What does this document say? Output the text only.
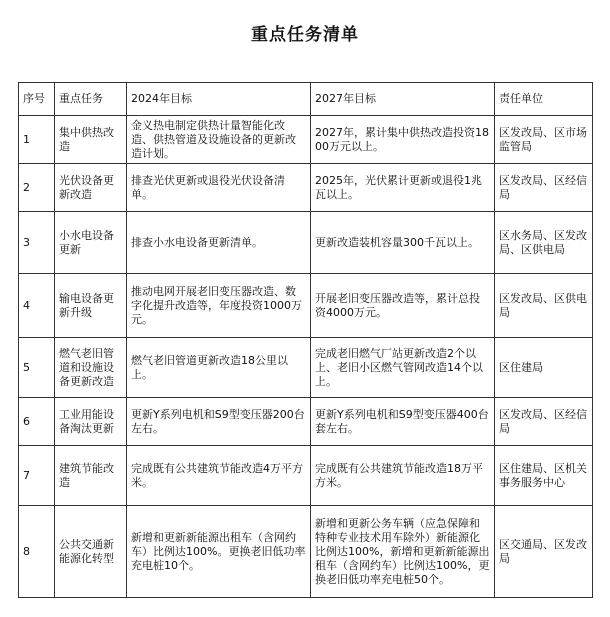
重点任务清单
序号	重点任务	2024年目标	2027年目标	责任单位
1	集中供热改造	金义热电制定供热计量智能化改造、供热管道及设施设备的更新改造计划。	2027年，累计集中供热改造投资1800万元以上。	区发改局、区市场监管局
2	光伏设备更新改造	排查光伏更新或退役光伏设备清单。	2025年，光伏累计更新或退役1兆瓦以上。	区发改局、区经信局
3	小水电设备更新	排查小水电设备更新清单。	更新改造装机容量300千瓦以上。	区水务局、区发改局、区供电局
4	输电设备更新升级	推动电网开展老旧变压器改造、数字化提升改造等，年度投资1000万元。	开展老旧变压器改造等，累计总投资4000万元。	区发改局、区供电局
5	燃气老旧管道和设施设备更新改造	燃气老旧管道更新改造18公里以上。	完成老旧燃气厂站更新改造2个以上、老旧小区燃气管网改造14个以上。	区住建局
6	工业用能设备淘汰更新	更新Y系列电机和S9型变压器200台左右。	更新Y系列电机和S9型变压器400台套左右。	区发改局、区经信局
7	建筑节能改造	完成既有公共建筑节能改造4万平方米。	完成既有公共建筑节能改造18万平方米。	区住建局、区机关事务服务中心
8	公共交通新能源化转型	新增和更新新能源出租车（含网约车）比例达100%。更换老旧低功率充电桩10个。	新增和更新公务车辆（应急保障和特种专业技术用车除外）新能源化比例达100%，新增和更新新能源出租车（含网约车）比例达100%，更换老旧低功率充电桩50个。	区交通局、区发改局
